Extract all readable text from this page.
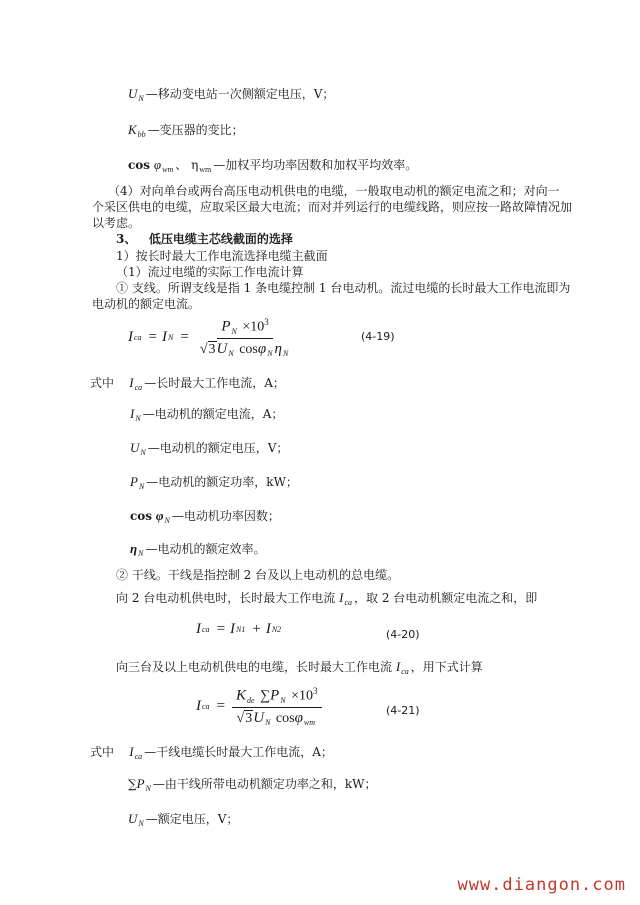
$U_N$ —移动变电站一次侧额定电压，V；
$K_{bb}$ —变压器的变比；
$\cos \varphi_{wm}$ 、 $\eta_{wm}$ —加权平均功率因数和加权平均效率。
（4）对向单台或两台高压电动机供电的电缆，一般取电动机的额定电流之和；对向一
个采区供电的电缆，应取采区最大电流；而对并列运行的电缆线路，则应按一路故障情况加
以考虑。
3、 低压电缆主芯线截面的选择
1）按长时最大工作电流选择电缆主截面
（1）流过电缆的实际工作电流计算
① 支线。所谓支线是指 1 条电缆控制 1 台电动机。流过电缆的长时最大工作电流即为
电动机的额定电流。
I ca = I $N = \frac{P_N \times 10^3}{√3U_N \cos\varphi_N \eta_N}$	(4-19)
式中 $I_{ca}$ —长时最大工作电流，A；
$I_N$ —电动机的额定电流，A；
$U_N$ —电动机的额定电压，V；
$P_N$ —电动机的额定功率，kW；
$\cos \varphi_N$ —电动机功率因数；
$\eta_N$ —电动机的额定效率。
② 干线。干线是指控制 2 台及以上电动机的总电缆。
向 2 台电动机供电时，长时最大工作电流 $I_{ca}$ ，取 2 台电动机额定电流之和，即
I ca = I N1 + I N2	(4-20)
向三台及以上电动机供电的电缆，长时最大工作电流 $I_{ca}$ ，用下式计算
I ca = $\frac{K_{de} \sum P_N \times 10^3}{√3U_N \cos\varphi_{wm}}$	(4-21)
式中 $I_{ca}$ —干线电缆长时最大工作电流，A；
$\sum P_N$ —由干线所带电动机额定功率之和，kW；
$U_N$ —额定电压，V；
www.diangon.com
